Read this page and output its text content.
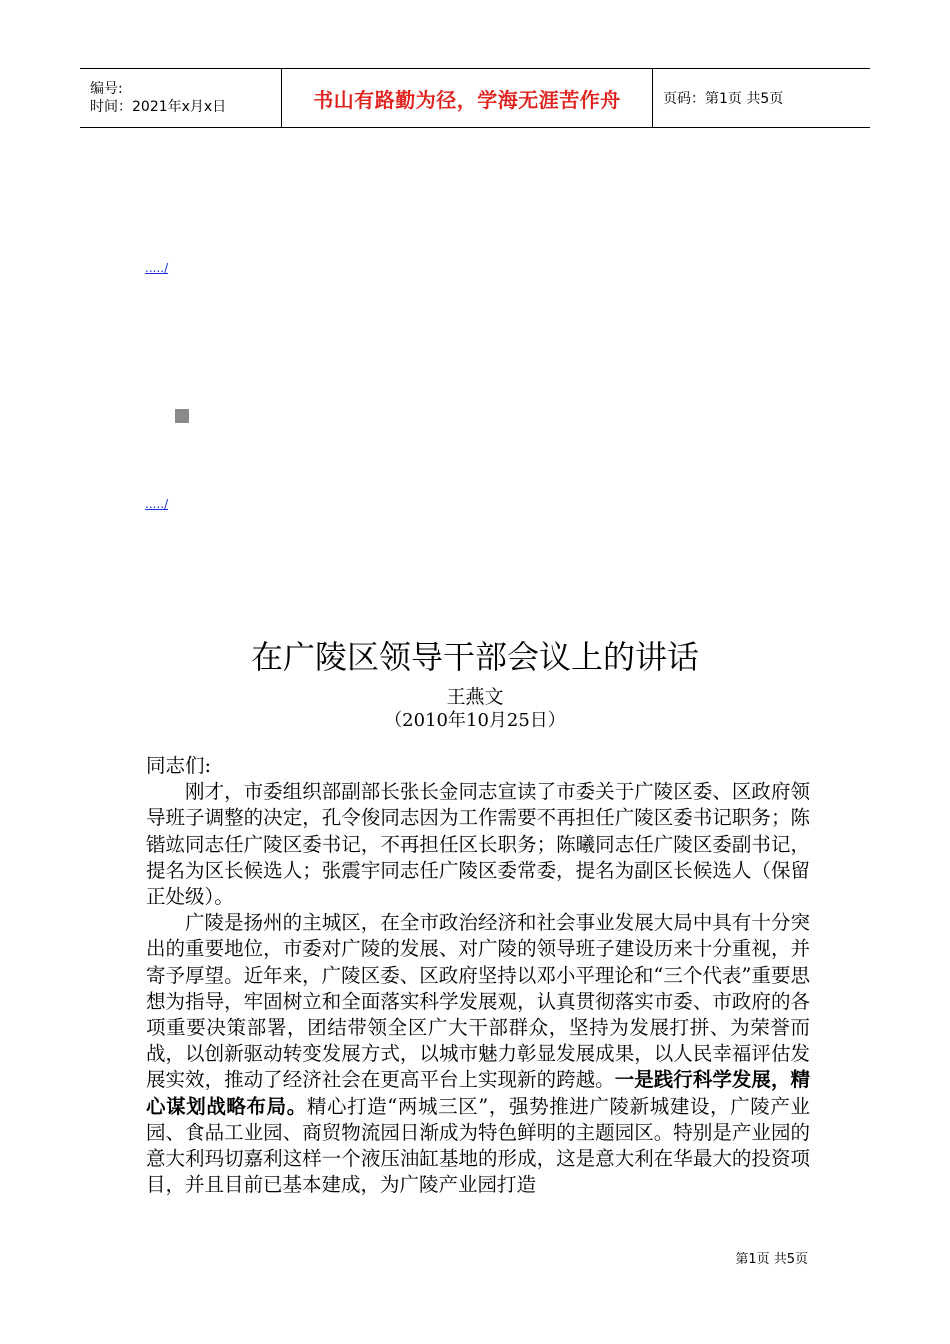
编号:
时间：2021年x月x日	书山有路勤为径，学海无涯苦作舟	页码：第1页 共5页
...../
...../
在广陵区领导干部会议上的讲话
王燕文
（2010年10月25日）

同志们:

刚才，市委组织部副部长张长金同志宣读了市委关于广陵区委、区政府领导班子调整的决定，孔令俊同志因为工作需要不再担任广陵区委书记职务；陈锴竑同志任广陵区委书记，不再担任区长职务；陈曦同志任广陵区委副书记，提名为区长候选人；张震宇同志任广陵区委常委，提名为副区长候选人（保留正处级）。

广陵是扬州的主城区，在全市政治经济和社会事业发展大局中具有十分突出的重要地位，市委对广陵的发展、对广陵的领导班子建设历来十分重视，并寄予厚望。近年来，广陵区委、区政府坚持以邓小平理论和“三个代表”重要思想为指导，牢固树立和全面落实科学发展观，认真贯彻落实市委、市政府的各项重要决策部署，团结带领全区广大干部群众，坚持为发展打拼、为荣誉而战，以创新驱动转变发展方式，以城市魅力彰显发展成果，以人民幸福评估发展实效，推动了经济社会在更高平台上实现新的跨越。一是践行科学发展，精心谋划战略布局。精心打造“两城三区”，强势推进广陵新城建设，广陵产业园、食品工业园、商贸物流园日渐成为特色鲜明的主题园区。特别是产业园的意大利玛切嘉利这样一个液压油缸基地的形成，这是意大利在华最大的投资项目，并且目前已基本建成，为广陵产业园打造

第1页 共5页
